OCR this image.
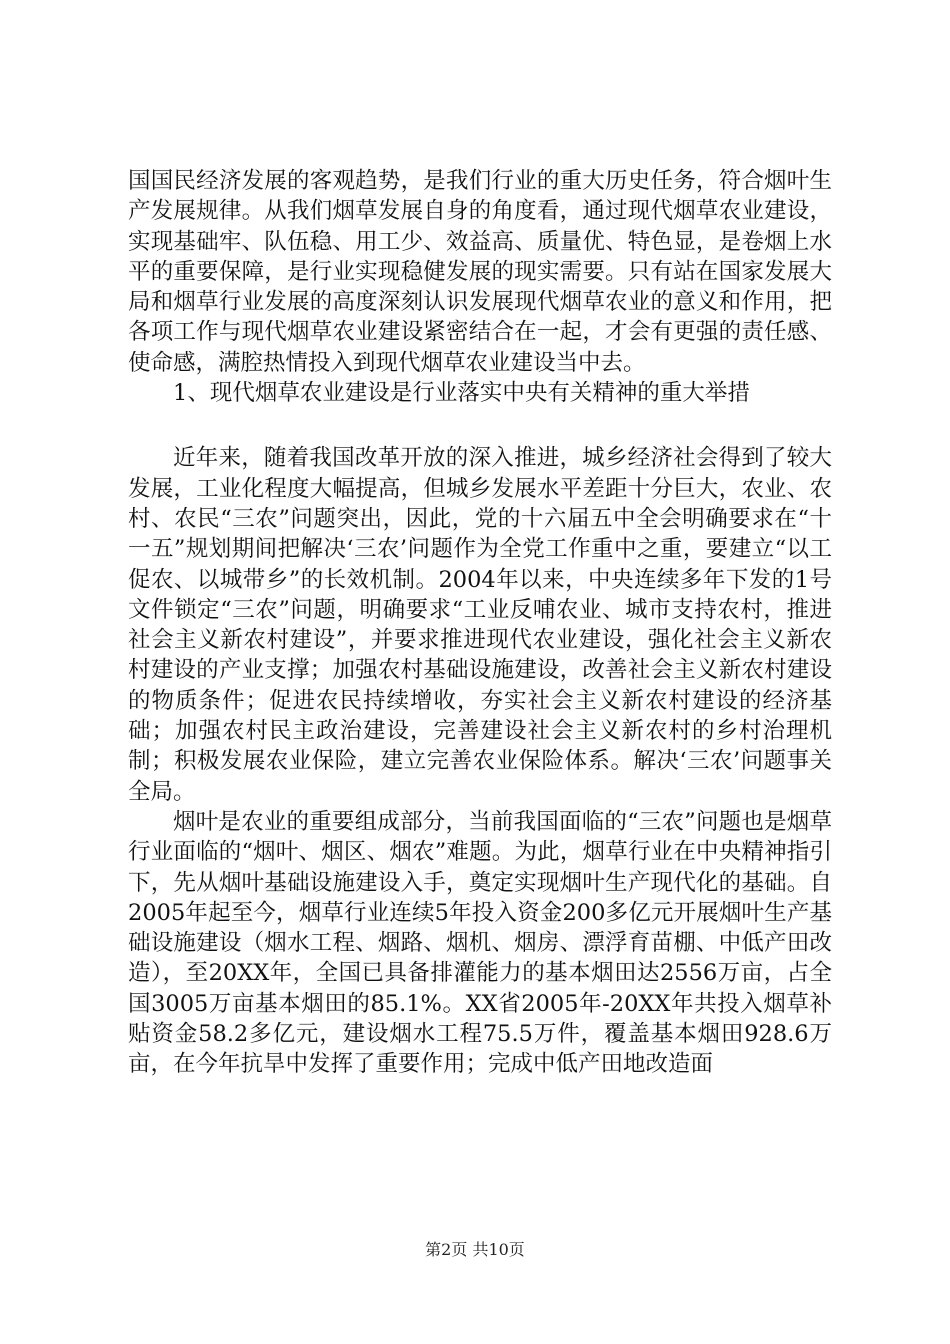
国国民经济发展的客观趋势，是我们行业的重大历史任务，符合烟叶生产发展规律。从我们烟草发展自身的角度看，通过现代烟草农业建设，实现基础牢、队伍稳、用工少、效益高、质量优、特色显，是卷烟上水平的重要保障，是行业实现稳健发展的现实需要。只有站在国家发展大局和烟草行业发展的高度深刻认识发展现代烟草农业的意义和作用，把各项工作与现代烟草农业建设紧密结合在一起，才会有更强的责任感、使命感，满腔热情投入到现代烟草农业建设当中去。

1、现代烟草农业建设是行业落实中央有关精神的重大举措

近年来，随着我国改革开放的深入推进，城乡经济社会得到了较大发展，工业化程度大幅提高，但城乡发展水平差距十分巨大，农业、农村、农民“三农”问题突出，因此，党的十六届五中全会明确要求在“十一五”规划期间把解决‘三农’问题作为全党工作重中之重，要建立“以工促农、以城带乡”的长效机制。2004年以来，中央连续多年下发的1号文件锁定“三农”问题，明确要求“工业反哺农业、城市支持农村，推进社会主义新农村建设”，并要求推进现代农业建设，强化社会主义新农村建设的产业支撑；加强农村基础设施建设，改善社会主义新农村建设的物质条件；促进农民持续增收，夯实社会主义新农村建设的经济基础；加强农村民主政治建设，完善建设社会主义新农村的乡村治理机制；积极发展农业保险，建立完善农业保险体系。解决‘三农’问题事关全局。

烟叶是农业的重要组成部分，当前我国面临的“三农”问题也是烟草行业面临的“烟叶、烟区、烟农”难题。为此，烟草行业在中央精神指引下，先从烟叶基础设施建设入手，奠定实现烟叶生产现代化的基础。自2005年起至今，烟草行业连续5年投入资金200多亿元开展烟叶生产基础设施建设（烟水工程、烟路、烟机、烟房、漂浮育苗棚、中低产田改造），至20XX年，全国已具备排灌能力的基本烟田达2556万亩，占全国3005万亩基本烟田的85.1%。XX省2005年-20XX年共投入烟草补贴资金58.2多亿元，建设烟水工程75.5万件，覆盖基本烟田928.6万亩，在今年抗旱中发挥了重要作用；完成中低产田地改造面

第2页 共10页
